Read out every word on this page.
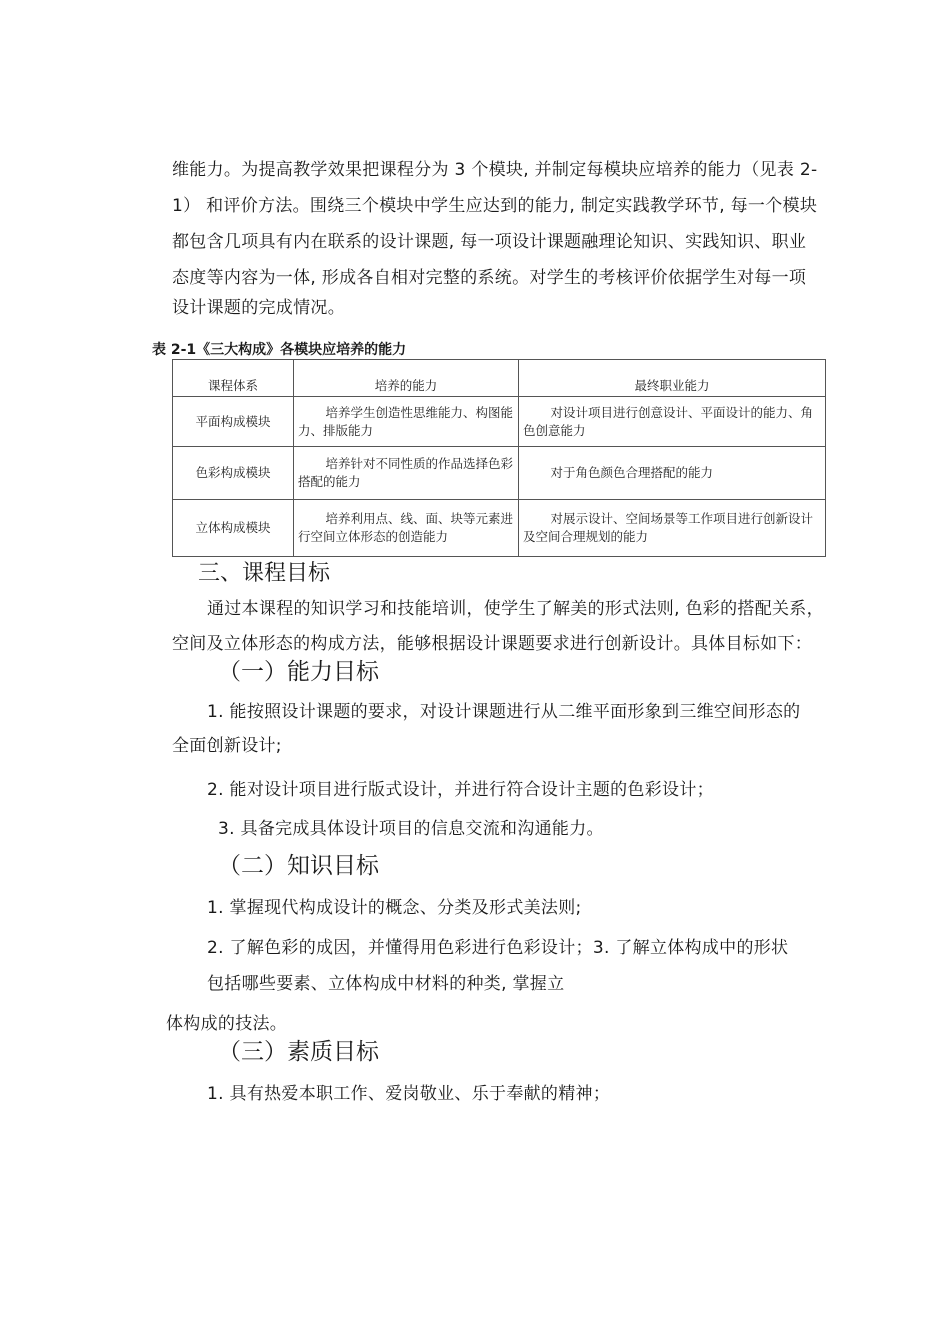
维能力。为提高教学效果把课程分为 3 个模块, 并制定每模块应培养的能力（见表 2-
1） 和评价方法。围绕三个模块中学生应达到的能力, 制定实践教学环节, 每一个模块
都包含几项具有内在联系的设计课题, 每一项设计课题融理论知识、实践知识、职业
态度等内容为一体, 形成各自相对完整的系统。对学生的考核评价依据学生对每一项
设计课题的完成情况。
表 2-1《三大构成》各模块应培养的能力
课程体系	培养的能力	最终职业能力
平面构成模块	培养学生创造性思维能力、构图能力、排版能力	对设计项目进行创意设计、平面设计的能力、角色创意能力
色彩构成模块	培养针对不同性质的作品选择色彩搭配的能力	对于角色颜色合理搭配的能力
立体构成模块	培养利用点、线、面、块等元素进行空间立体形态的创造能力	对展示设计、空间场景等工作项目进行创新设计及空间合理规划的能力
三、课程目标
通过本课程的知识学习和技能培训，使学生了解美的形式法则, 色彩的搭配关系，
空间及立体形态的构成方法，能够根据设计课题要求进行创新设计。具体目标如下：
（一）能力目标
1. 能按照设计课题的要求，对设计课题进行从二维平面形象到三维空间形态的
全面创新设计;
2. 能对设计项目进行版式设计，并进行符合设计主题的色彩设计；
3. 具备完成具体设计项目的信息交流和沟通能力。
（二）知识目标
1. 掌握现代构成设计的概念、分类及形式美法则;
2. 了解色彩的成因，并懂得用色彩进行色彩设计；3. 了解立体构成中的形状
包括哪些要素、立体构成中材料的种类, 掌握立
体构成的技法。
（三）素质目标
1. 具有热爱本职工作、爱岗敬业、乐于奉献的精神；
